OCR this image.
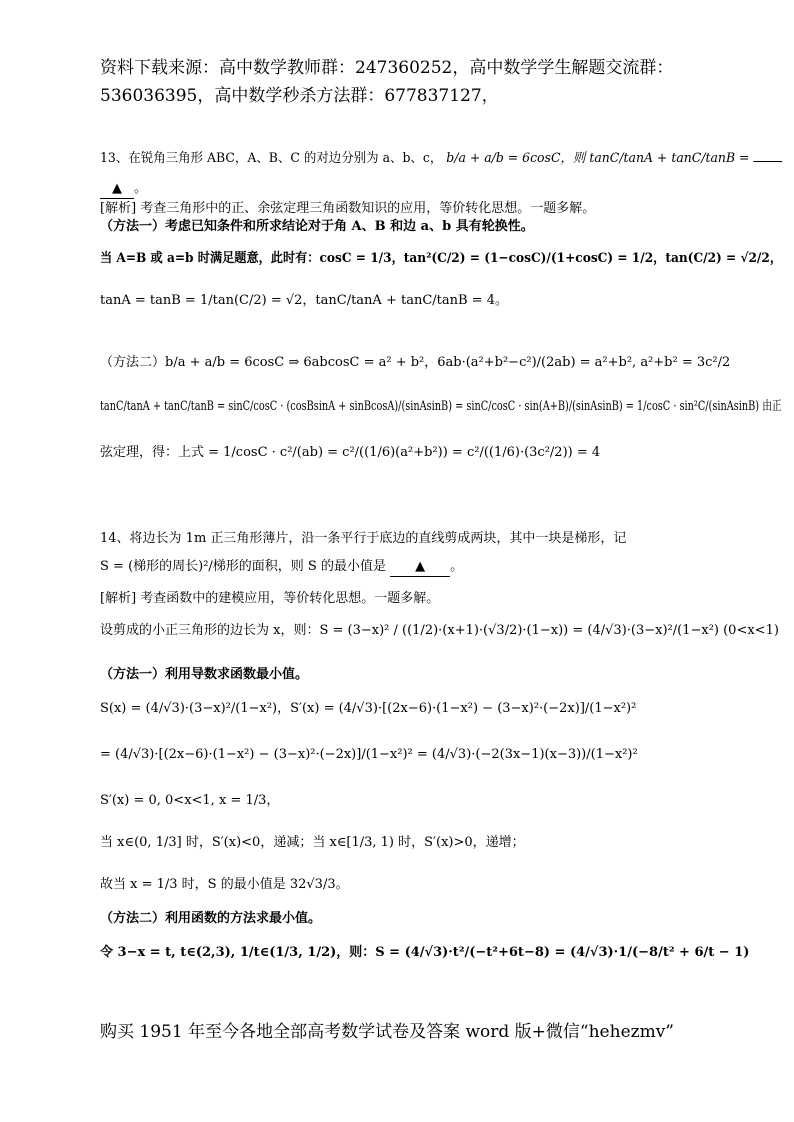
资料下载来源：高中数学教师群：247360252，高中数学学生解题交流群：
536036395，高中数学秒杀方法群：677837127，
13、在锐角三角形 ABC，A、B、C 的对边分别为 a、b、c， b/a + a/b = 6cosC，则 tanC/tanA + tanC/tanB =
▲ 。
[解析] 考查三角形中的正、余弦定理三角函数知识的应用，等价转化思想。一题多解。
（方法一）考虑已知条件和所求结论对于角 A、B 和边 a、b 具有轮换性。
当 A=B 或 a=b 时满足题意，此时有：cosC = 1/3，tan²(C/2) = (1−cosC)/(1+cosC) = 1/2，tan(C/2) = √2/2，
tanA = tanB = 1/tan(C/2) = √2，tanC/tanA + tanC/tanB = 4。
（方法二）b/a + a/b = 6cosC ⇒ 6abcosC = a² + b²，6ab·(a²+b²−c²)/(2ab) = a²+b², a²+b² = 3c²/2
tanC/tanA + tanC/tanB = sinC/cosC · (cosBsinA + sinBcosA)/(sinAsinB) = sinC/cosC · sin(A+B)/(sinAsinB) = 1/cosC · sin²C/(sinAsinB) 由正
弦定理，得：上式 = 1/cosC · c²/(ab) = c²/((1/6)(a²+b²)) = c²/((1/6)·(3c²/2)) = 4
14、将边长为 1m 正三角形薄片，沿一条平行于底边的直线剪成两块，其中一块是梯形，记
S = (梯形的周长)²/梯形的面积，则 S 的最小值是 ▲ 。
[解析] 考查函数中的建模应用，等价转化思想。一题多解。
设剪成的小正三角形的边长为 x，则：S = (3−x)² / ((1/2)·(x+1)·(√3/2)·(1−x)) = (4/√3)·(3−x)²/(1−x²) (0<x<1)
（方法一）利用导数求函数最小值。
S(x) = (4/√3)·(3−x)²/(1−x²)，S′(x) = (4/√3)·[(2x−6)·(1−x²) − (3−x)²·(−2x)]/(1−x²)²
= (4/√3)·[(2x−6)·(1−x²) − (3−x)²·(−2x)]/(1−x²)² = (4/√3)·(−2(3x−1)(x−3))/(1−x²)²
S′(x) = 0, 0<x<1, x = 1/3，
当 x∈(0, 1/3] 时，S′(x)<0，递减；当 x∈[1/3, 1) 时，S′(x)>0，递增；
故当 x = 1/3 时，S 的最小值是 32√3/3。
（方法二）利用函数的方法求最小值。
令 3−x = t, t∈(2,3), 1/t∈(1/3, 1/2)，则：S = (4/√3)·t²/(−t²+6t−8) = (4/√3)·1/(−8/t² + 6/t − 1)
购买 1951 年至今各地全部高考数学试卷及答案 word 版+微信“hehezmv”
